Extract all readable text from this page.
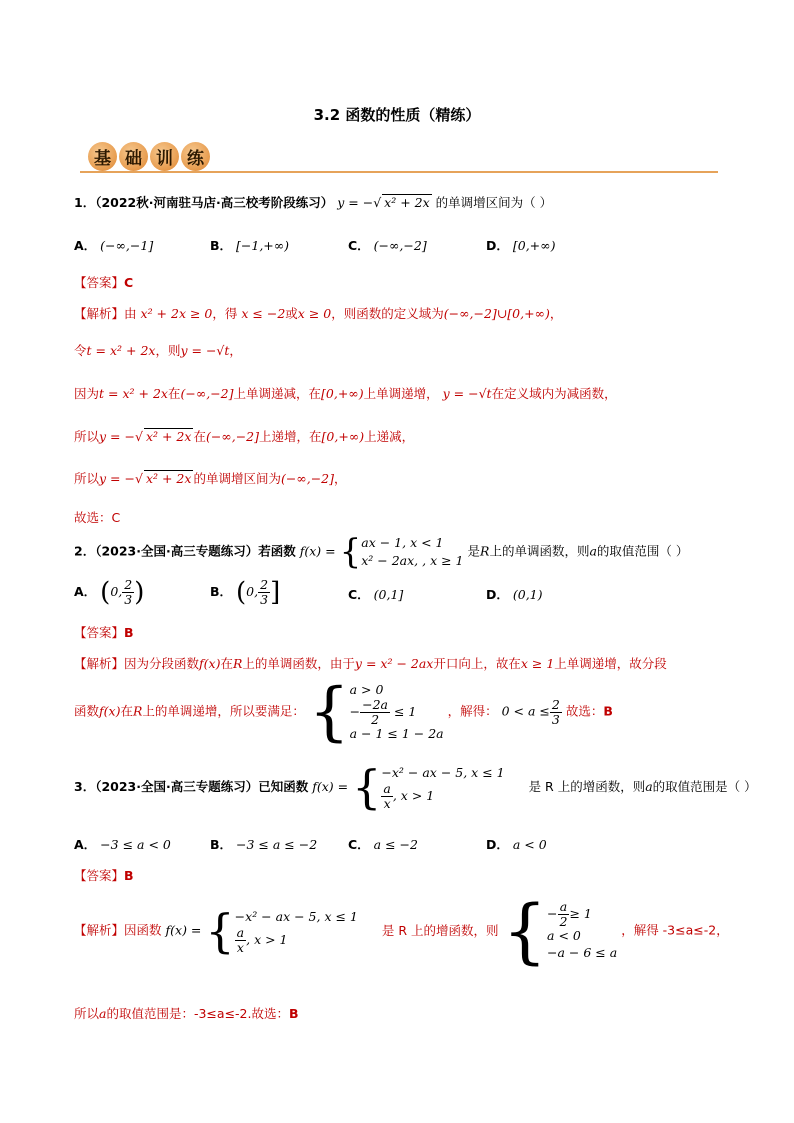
3.2 函数的性质（精练）
基 础 训 练
1．（2022秋·河南驻马店·高三校考阶段练习） y = −√ x² + 2x 的单调增区间为（ ）
A． (−∞,−1]	B． [−1,+∞)	C． (−∞,−2]	D． [0,+∞)
【答案】C
【解析】由 x² + 2x ≥ 0，得 x ≤ −2或x ≥ 0，则函数的定义域为(−∞,−2]∪[0,+∞)，
令t = x² + 2x，则y = −√t，
因为t = x² + 2x在(−∞,−2]上单调递减，在[0,+∞)上单调递增， y = −√t在定义域内为减函数，
所以y = −√ x² + 2x 在(−∞,−2]上递增，在[0,+∞)上递减，
所以y = −√ x² + 2x 的单调增区间为(−∞,−2]，
故选：C
2．（2023·全国·高三专题练习）若函数 f(x) = { ax − 1, x < 1
x² − 2ax, , x ≥ 1
是R上的单调函数，则a的取值范围（ ）
A． (0, $\frac{2}{3}$ )	B． (0, $\frac{2}{3}$ ]	C． (0,1]	D． (0,1)
【答案】B
【解析】因为分段函数f(x)在R上的单调函数，由于y = x² − 2ax开口向上，故在x ≥ 1上单调递增，故分段
函数f(x)在R上的单调递增，所以要满足： { a > 0
− $\frac{-2a}{2} \le 1$
a − 1 ≤ 1 − 2a
，解得： $0 < a \le \frac{2}{3}$ 故选：B
3．（2023·全国·高三专题练习）已知函数 f(x) = { −x² − ax − 5, x ≤ 1
$\frac{a}{x}$ , x > 1
是 R 上的增函数，则a的取值范围是（ ）
A． −3 ≤ a < 0	B． −3 ≤ a ≤ −2 C． a ≤ −2	D． a < 0
【答案】B
【解析】因函数 f(x) = { −x² − ax − 5, x ≤ 1
$\frac{a}{x}$ , x > 1
是 R 上的增函数，则 { − $\frac{a}{2} \ge 1$
a < 0
−a − 6 ≤ a
，解得 -3≤a≤-2，
所以a的取值范围是：-3≤a≤-2.故选：B
